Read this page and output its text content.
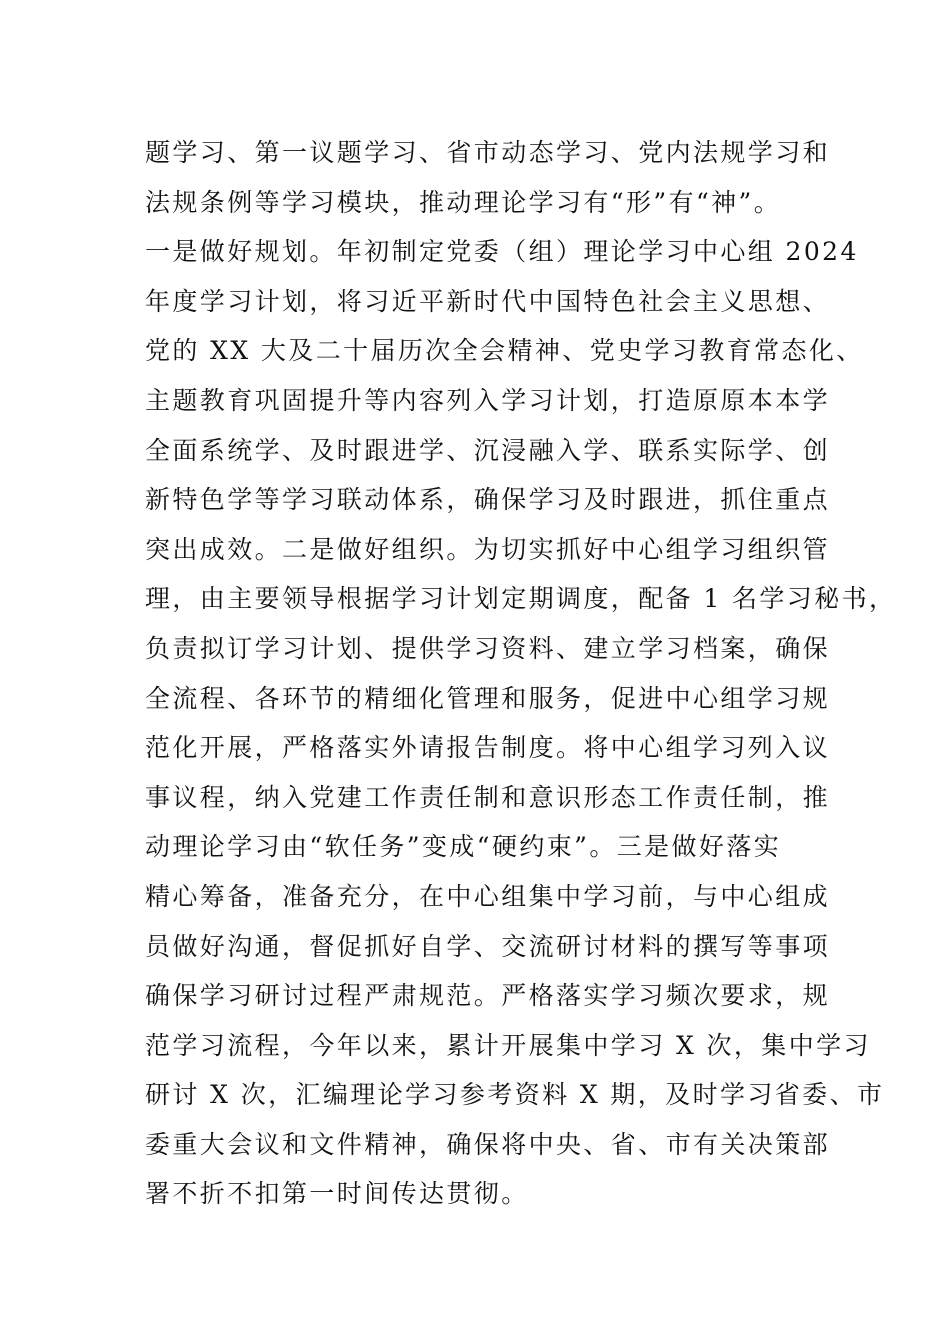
题学习、第一议题学习、省市动态学习、党内法规学习和
法规条例等学习模块，推动理论学习有“形”有“神”。
一是做好规划。年初制定党委（组）理论学习中心组 2024
年度学习计划，将习近平新时代中国特色社会主义思想、
党的 XX 大及二十届历次全会精神、党史学习教育常态化、
主题教育巩固提升等内容列入学习计划，打造原原本本学
全面系统学、及时跟进学、沉浸融入学、联系实际学、创
新特色学等学习联动体系，确保学习及时跟进，抓住重点
突出成效。二是做好组织。为切实抓好中心组学习组织管
理，由主要领导根据学习计划定期调度，配备 1 名学习秘书，
负责拟订学习计划、提供学习资料、建立学习档案，确保
全流程、各环节的精细化管理和服务，促进中心组学习规
范化开展，严格落实外请报告制度。将中心组学习列入议
事议程，纳入党建工作责任制和意识形态工作责任制，推
动理论学习由“软任务”变成“硬约束”。三是做好落实
精心筹备，准备充分，在中心组集中学习前，与中心组成
员做好沟通，督促抓好自学、交流研讨材料的撰写等事项
确保学习研讨过程严肃规范。严格落实学习频次要求，规
范学习流程，今年以来，累计开展集中学习 X 次，集中学习
研讨 X 次，汇编理论学习参考资料 X 期，及时学习省委、市
委重大会议和文件精神，确保将中央、省、市有关决策部
署不折不扣第一时间传达贯彻。
